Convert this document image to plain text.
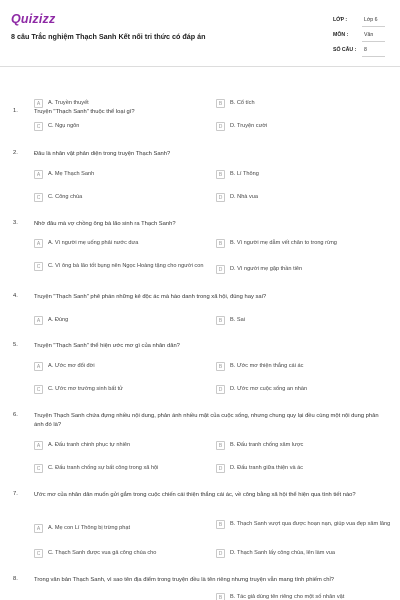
Quizizz
8 câu Trắc nghiệm Thạch Sanh Kết nối tri thức có đáp án
LỚP :	Lớp 6
MÔN :	Văn
SỐ CÂU : 8
1.	Truyện "Thạch Sanh" thuộc thể loại gì?
A	A. Truyền thuyết	B	B. Cổ tích
C	C. Ngụ ngôn	D	D. Truyện cười
2.	Đâu là nhân vật phản diện trong truyện Thạch Sanh?
A	A. Mẹ Thạch Sanh	B	B. Lí Thông
C	C. Công chúa	D	D. Nhà vua
3.	Nhờ đâu mà vợ chồng ông bà lão sinh ra Thạch Sanh?
A	A. Vì người mẹ uống phải nước dưa	B	B. Vì người mẹ dẫm vết chân to trong rừng
C	C. Vì ông bà lão tốt bụng nên Ngọc Hoàng tặng cho người con
D	D. Vì người mẹ gặp thần tiên
4.	Truyện "Thạch Sanh" phê phán những kẻ độc ác mà hào danh trong xã hội, đúng hay sai?
A	A. Đúng	B	B. Sai
5.	Truyện "Thạch Sanh" thể hiện ước mơ gì của nhân dân?
A	A. Ước mơ đổi đời	B	B. Ước mơ thiện thắng cái ác
C	C. Ước mơ trường sinh bất tử	D	D. Ước mơ cuộc sống an nhàn
6.	Truyện Thạch Sanh chứa đựng nhiều nội dung, phản ánh nhiều mặt của cuộc sống, nhưng chung quy lại đều cùng một nội dung phản ánh đó là?
A	A. Đấu tranh chinh phục tự nhiên	B	B. Đấu tranh chống xâm lược
C	C. Đấu tranh chống sự bất công trong xã hội	D	D. Đấu tranh giữa thiện và ác
7.	Ước mơ của nhân dân muốn gửi gắm trong cuộc chiến cái thiện thắng cái ác, về công bằng xã hội thể hiện qua tình tiết nào?
A	A. Mẹ con Lí Thông bị trừng phạt
B	B. Thạch Sanh vượt qua được hoạn nạn, giúp vua đẹp xâm lăng
C	C. Thạch Sanh được vua gả công chúa cho	D	D. Thạch Sanh lấy công chúa, lên làm vua
8.	Trong văn bản Thạch Sanh, vì sao tên địa điểm trong truyện đều là tên riêng nhưng truyện vẫn mang tính phiếm chỉ?
B	B. Tác giả dùng tên riêng cho một số nhân vật
